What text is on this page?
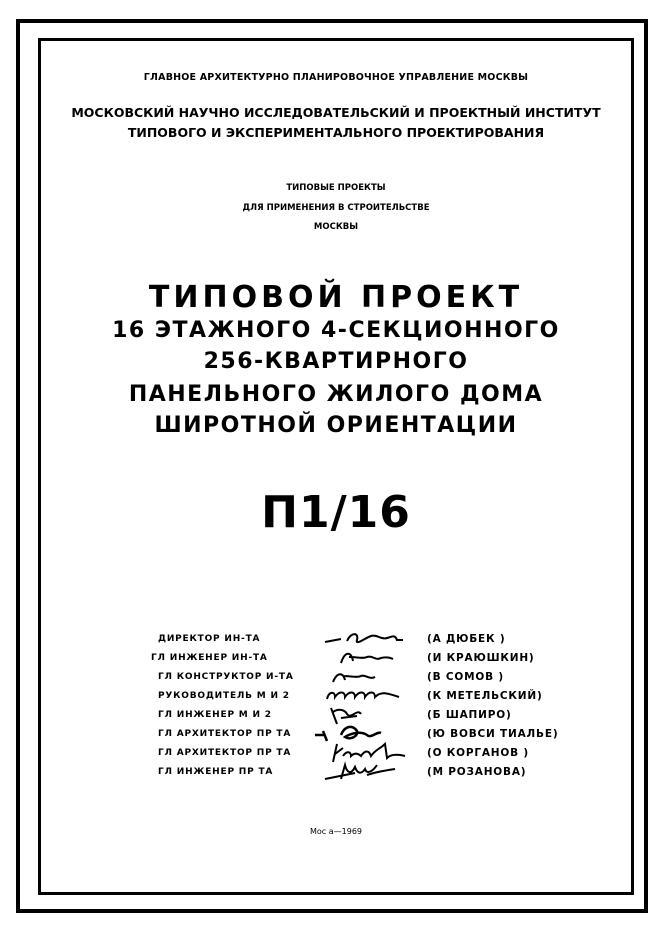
ГЛАВНОЕ АРХИТЕКТУРНО ПЛАНИРОВОЧНОЕ УПРАВЛЕНИЕ МОСКВЫ
МОСКОВСКИЙ НАУЧНО ИССЛЕДОВАТЕЛЬСКИЙ И ПРОЕКТНЫЙ ИНСТИТУТ
ТИПОВОГО И ЭКСПЕРИМЕНТАЛЬНОГО ПРОЕКТИРОВАНИЯ
ТИПОВЫЕ ПРОЕКТЫ
ДЛЯ ПРИМЕНЕНИЯ В СТРОИТЕЛЬСТВЕ
МОСКВЫ
ТИПОВОЙ ПРОЕКТ
16 ЭТАЖНОГО 4-СЕКЦИОННОГО
256-КВАРТИРНОГО
ПАНЕЛЬНОГО ЖИЛОГО ДОМА
ШИРОТНОЙ ОРИЕНТАЦИИ
П1/16
ДИРЕКТОР ИН-ТА	(А ДЮБЕК )
ГЛ ИНЖЕНЕР ИН-ТА	(И КРАЮШКИН)
ГЛ КОНСТРУКТОР И-ТА	(В СОМОВ )
РУКОВОДИТЕЛЬ М И 2	(К МЕТЕЛЬСКИЙ)
ГЛ ИНЖЕНЕР М И 2	(Б ШАПИРО)
ГЛ АРХИТЕКТОР ПР ТА	(Ю ВОВСИ ТИАЛЬЕ)
ГЛ АРХИТЕКТОР ПР ТА	(О КОРГАНОВ )
ГЛ ИНЖЕНЕР ПР ТА	(М РОЗАНОВА)
Мос а—1969
